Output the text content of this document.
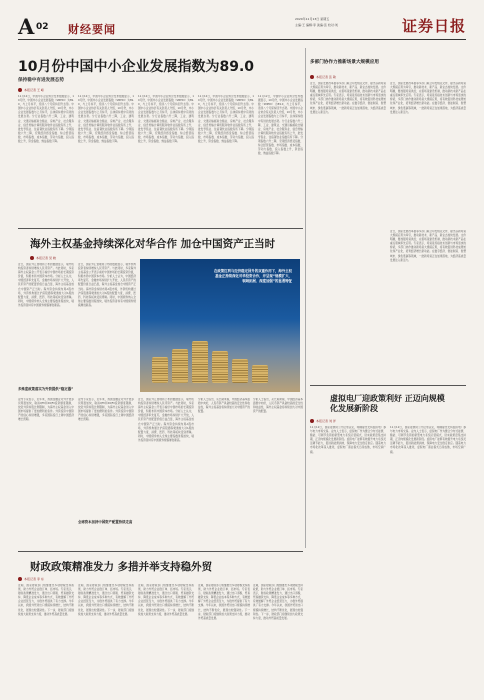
A 02 财经要闻
2020年11月13日 星期五
主编:王 编辑:李 美编:张 校对:刘	证券日报
10月份中国中小企业发展指数为89.0
保持稳中有进发展态势
本报记者 王 峰
11月12日，中国中小企业协会发布数据显示，10月份，中国中小企业发展指数（SMEDI）为89.0，与上月持平，连续八个月保持回升态势。中国中小企业协会有关负责人介绍，10月份，中小企业发展指数与上月持平，总体保持稳中有进的发展态势。分行业指数六升二降，工业、建筑业、交通运输邮政仓储业、房地产业、社会服务业、信息传输计算机服务软件业指数有所上升，批发零售业、住宿餐饮业指数有所下降。分项指数六升二降，宏观经济感受指数、综合经营指数、市场指数、成本指数、劳动力指数、投入指数上升，资金指数、效益指数下降。
11月12日，中国中小企业协会发布数据显示，10月份，中国中小企业发展指数（SMEDI）为89.0，与上月持平，连续八个月保持回升态势。中国中小企业协会有关负责人介绍，10月份，中小企业发展指数与上月持平，总体保持稳中有进的发展态势。分行业指数六升二降，工业、建筑业、交通运输邮政仓储业、房地产业、社会服务业、信息传输计算机服务软件业指数有所上升，批发零售业、住宿餐饮业指数有所下降。分项指数六升二降，宏观经济感受指数、综合经营指数、市场指数、成本指数、劳动力指数、投入指数上升，资金指数、效益指数下降。
11月12日，中国中小企业协会发布数据显示，10月份，中国中小企业发展指数（SMEDI）为89.0，与上月持平，连续八个月保持回升态势。中国中小企业协会有关负责人介绍，10月份，中小企业发展指数与上月持平，总体保持稳中有进的发展态势。分行业指数六升二降，工业、建筑业、交通运输邮政仓储业、房地产业、社会服务业、信息传输计算机服务软件业指数有所上升，批发零售业、住宿餐饮业指数有所下降。分项指数六升二降，宏观经济感受指数、综合经营指数、市场指数、成本指数、劳动力指数、投入指数上升，资金指数、效益指数下降。
11月12日，中国中小企业协会发布数据显示，10月份，中国中小企业发展指数（SMEDI）为89.0，与上月持平，连续八个月保持回升态势。中国中小企业协会有关负责人介绍，10月份，中小企业发展指数与上月持平，总体保持稳中有进的发展态势。分行业指数六升二降，工业、建筑业、交通运输邮政仓储业、房地产业、社会服务业、信息传输计算机服务软件业指数有所上升，批发零售业、住宿餐饮业指数有所下降。分项指数六升二降，宏观经济感受指数、综合经营指数、市场指数、成本指数、劳动力指数、投入指数上升，资金指数、效益指数下降。
11月12日，中国中小企业协会发布数据显示，10月份，中国中小企业发展指数（SMEDI）为89.0，与上月持平，连续八个月保持回升态势。中国中小企业协会有关负责人介绍，10月份，中小企业发展指数与上月持平，总体保持稳中有进的发展态势。分行业指数六升二降，工业、建筑业、交通运输邮政仓储业、房地产业、社会服务业、信息传输计算机服务软件业指数有所上升，批发零售业、住宿餐饮业指数有所下降。分项指数六升二降，宏观经济感受指数、综合经营指数、市场指数、成本指数、劳动力指数、投入指数上升，资金指数、效益指数下降。
多部门协作力推新场景大规模应用
本报记者 张 敏
近日，国家发展改革委等多部门联合印发相关文件，提出以新场景大规模应用为牵引，推动新技术、新产品、新业态加快发展。文件明确，要加强场景供给，完善场景建设机制，推动新技术新产品在重点领域率先应用。专家表示，场景是连接技术创新与市场需求的桥梁，多部门协作推动新场景大规模应用，将有效促进科技成果转化和产业化，培育经济增长新动能。在数字经济、智能制造、智慧城市、绿色低碳等领域，一批新场景正在加速落地，为经济高质量发展注入新活力。
近日，国家发展改革委等多部门联合印发相关文件，提出以新场景大规模应用为牵引，推动新技术、新产品、新业态加快发展。文件明确，要加强场景供给，完善场景建设机制，推动新技术新产品在重点领域率先应用。专家表示，场景是连接技术创新与市场需求的桥梁，多部门协作推动新场景大规模应用，将有效促进科技成果转化和产业化，培育经济增长新动能。在数字经济、智能制造、智慧城市、绿色低碳等领域，一批新场景正在加速落地，为经济高质量发展注入新活力。
近日，国家发展改革委等多部门联合印发相关文件，提出以新场景大规模应用为牵引，推动新技术、新产品、新业态加快发展。文件明确，要加强场景供给，完善场景建设机制，推动新技术新产品在重点领域率先应用。专家表示，场景是连接技术创新与市场需求的桥梁，多部门协作推动新场景大规模应用，将有效促进科技成果转化和产业化，培育经济增长新动能。在数字经济、智能制造、智慧城市、绿色低碳等领域，一批新场景正在加速落地，为经济高质量发展注入新活力。
海外主权基金持续深化对华合作 加仓中国资产正当时
本报记者 吴 晓
在政策红利与经济稳定回升的双重作用下，海外主权基金正持续深化对华投资合作，并呈现“规模扩大、领域拓展、深度加强”的显著特征
近日，国家外汇管理局公布的数据显示，境外机构投资者持续增持人民币资产。与此同时，多家海外主权基金公开表示看好中国市场的长期投资价值，积极布局中国资本市场。分析人士认为，中国经济率先复苏，金融市场持续扩大开放，人民币资产的配置价值日益凸显，海外主权基金加仓中国资产正当时。海外资金持续布局A股市场，外资机构通过沪深股通等渠道加大对A股的配置力度，消费、医药、科技等板块受到青睐。同时，中国债券纳入全球主要指数进程加快，境外投资者持有中国债券规模屡创新高。
近日，国家外汇管理局公布的数据显示，境外机构投资者持续增持人民币资产。与此同时，多家海外主权基金公开表示看好中国市场的长期投资价值，积极布局中国资本市场。分析人士认为，中国经济率先复苏，金融市场持续扩大开放，人民币资产的配置价值日益凸显，海外主权基金加仓中国资产正当时。海外资金持续布局A股市场，外资机构通过沪深股通等渠道加大对A股的配置力度，消费、医药、科技等板块受到青睐。同时，中国债券纳入全球主要指数进程加快，境外投资者持有中国债券规模屡创新高。
多维度政策落实为外资提供“稳定器”
业内专家表示，近年来，我国金融业对外开放步伐明显加快，取消QFII和RQFII投资额度限制，放宽外资持股比例限制，为海外主权基金进入中国市场提供了更加便利的条件。外资投资中国资产的信心持续增强，多家国际投行上调中国经济增长预期。
业内专家表示，近年来，我国金融业对外开放步伐明显加快，取消QFII和RQFII投资额度限制，放宽外资持股比例限制，为海外主权基金进入中国市场提供了更加便利的条件。外资投资中国资产的信心持续增强，多家国际投行上调中国经济增长预期。
近日，国家外汇管理局公布的数据显示，境外机构投资者持续增持人民币资产。与此同时，多家海外主权基金公开表示看好中国市场的长期投资价值，积极布局中国资本市场。分析人士认为，中国经济率先复苏，金融市场持续扩大开放，人民币资产的配置价值日益凸显，海外主权基金加仓中国资产正当时。海外资金持续布局A股市场，外资机构通过沪深股通等渠道加大对A股的配置力度，消费、医药、科技等板块受到青睐。同时，中国债券纳入全球主要指数进程加快，境外投资者持有中国债券规模屡创新高。
分析人士指出，从长期来看，中国经济基本面稳中向好，人民币资产具备较高的安全性和收益性，海外主权基金将持续加大对中国资产的配置。
分析人士指出，从长期来看，中国经济基本面稳中向好，人民币资产具备较高的安全性和收益性，海外主权基金将持续加大对中国资产的配置。
全球资本加持中国资产配置持续走高
虚拟电厂迎政策利好 正迈向规模化发展新阶段
本报记者 刘 洋
11月12日，国家能源局公开征求意见，明确提出支持虚拟电厂参与电力市场交易。业内人士表示，虚拟电厂作为聚合分布式能源、储能、可调节负荷的新型电力系统运营模式，迎来政策密集支持期，正迈向规模化发展新阶段。虚拟电厂能够有效提升电力系统灵活调节能力，促进新能源消纳，保障电力安全稳定供应。随着电力市场化改革深入推进，虚拟电厂商业模式日趋成熟，市场空间广阔。
11月12日，国家能源局公开征求意见，明确提出支持虚拟电厂参与电力市场交易。业内人士表示，虚拟电厂作为聚合分布式能源、储能、可调节负荷的新型电力系统运营模式，迎来政策密集支持期，正迈向规模化发展新阶段。虚拟电厂能够有效提升电力系统灵活调节能力，促进新能源消纳，保障电力安全稳定供应。随着电力市场化改革深入推进，虚拟电厂商业模式日趋成熟，市场空间广阔。
财政政策精准发力 多措并举支持稳外贸
本报记者 李 东
近期，国家财政部门相继推出多项财税支持政策，助力外贸企业稳订单、拓市场。专家表示，财政政策精准发力，通过出口退税、贸易融资支持、降低企业成本等多种方式，有效缓解了外贸企业经营压力，为稳外贸提供了有力支撑。今年以来，我国外贸进出口规模持续增长，结构不断优化，展现出较强韧性。下一步，财政部门将继续加大政策支持力度，推动外贸高质量发展。
近期，国家财政部门相继推出多项财税支持政策，助力外贸企业稳订单、拓市场。专家表示，财政政策精准发力，通过出口退税、贸易融资支持、降低企业成本等多种方式，有效缓解了外贸企业经营压力，为稳外贸提供了有力支撑。今年以来，我国外贸进出口规模持续增长，结构不断优化，展现出较强韧性。下一步，财政部门将继续加大政策支持力度，推动外贸高质量发展。
近期，国家财政部门相继推出多项财税支持政策，助力外贸企业稳订单、拓市场。专家表示，财政政策精准发力，通过出口退税、贸易融资支持、降低企业成本等多种方式，有效缓解了外贸企业经营压力，为稳外贸提供了有力支撑。今年以来，我国外贸进出口规模持续增长，结构不断优化，展现出较强韧性。下一步，财政部门将继续加大政策支持力度，推动外贸高质量发展。
近期，国家财政部门相继推出多项财税支持政策，助力外贸企业稳订单、拓市场。专家表示，财政政策精准发力，通过出口退税、贸易融资支持、降低企业成本等多种方式，有效缓解了外贸企业经营压力，为稳外贸提供了有力支撑。今年以来，我国外贸进出口规模持续增长，结构不断优化，展现出较强韧性。下一步，财政部门将继续加大政策支持力度，推动外贸高质量发展。
近期，国家财政部门相继推出多项财税支持政策，助力外贸企业稳订单、拓市场。专家表示，财政政策精准发力，通过出口退税、贸易融资支持、降低企业成本等多种方式，有效缓解了外贸企业经营压力，为稳外贸提供了有力支撑。今年以来，我国外贸进出口规模持续增长，结构不断优化，展现出较强韧性。下一步，财政部门将继续加大政策支持力度，推动外贸高质量发展。
